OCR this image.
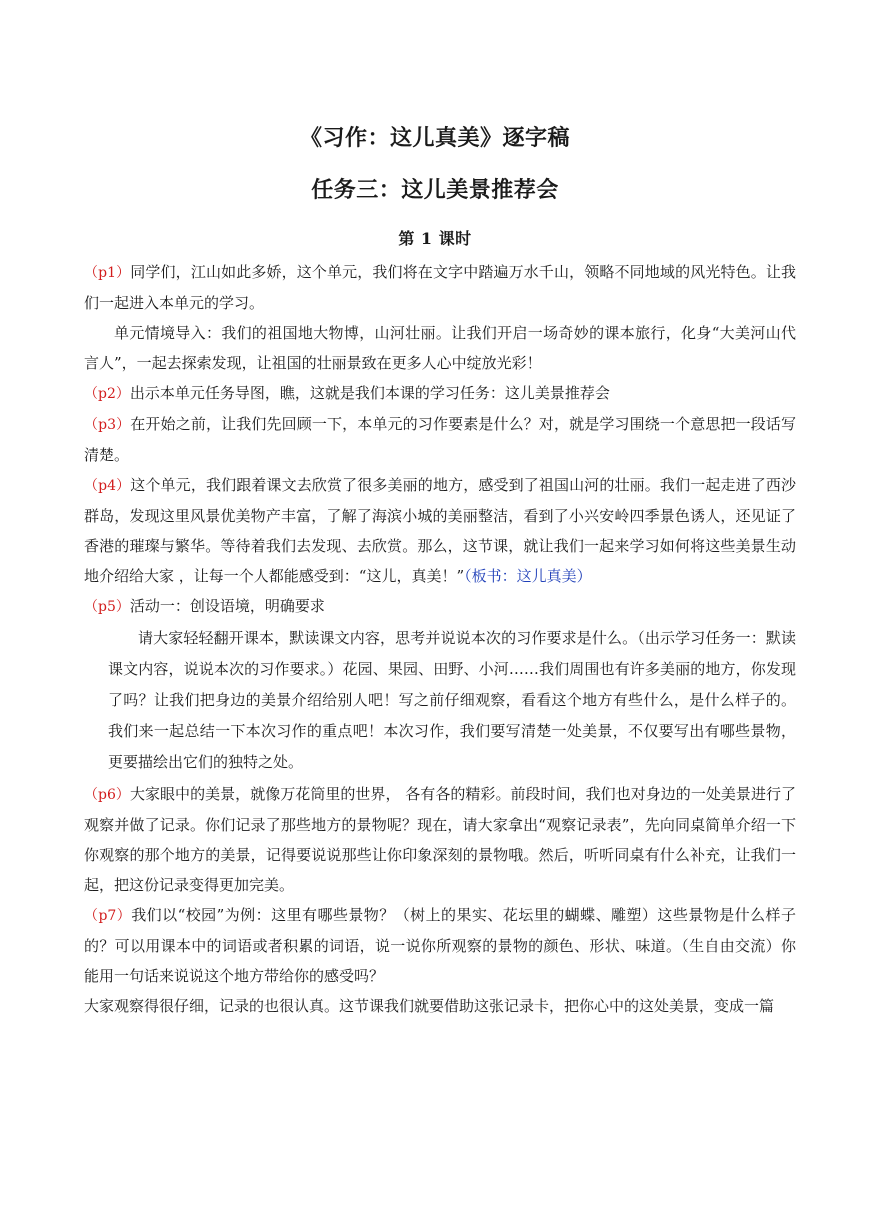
《习作：这儿真美》逐字稿
任务三：这儿美景推荐会
第 1 课时

（p1）同学们，江山如此多娇，这个单元，我们将在文字中踏遍万水千山，领略不同地域的风光特色。让我们一起进入本单元的学习。

单元情境导入：我们的祖国地大物博，山河壮丽。让我们开启一场奇妙的课本旅行，化身“大美河山代言人”，一起去探索发现，让祖国的壮丽景致在更多人心中绽放光彩！

（p2）出示本单元任务导图，瞧，这就是我们本课的学习任务：这儿美景推荐会

（p3）在开始之前，让我们先回顾一下，本单元的习作要素是什么？对，就是学习围绕一个意思把一段话写清楚。

（p4）这个单元，我们跟着课文去欣赏了很多美丽的地方，感受到了祖国山河的壮丽。我们一起走进了西沙群岛，发现这里风景优美物产丰富，了解了海滨小城的美丽整洁，看到了小兴安岭四季景色诱人，还见证了香港的璀璨与繁华。等待着我们去发现、去欣赏。那么，这节课，就让我们一起来学习如何将这些美景生动地介绍给大家 ，让每一个人都能感受到：“这儿，真美！”（板书：这儿真美）

（p5）活动一：创设语境，明确要求

请大家轻轻翻开课本，默读课文内容，思考并说说本次的习作要求是什么。（出示学习任务一：默读课文内容，说说本次的习作要求。）花园、果园、田野、小河……我们周围也有许多美丽的地方，你发现了吗？让我们把身边的美景介绍给别人吧！写之前仔细观察，看看这个地方有些什么，是什么样子的。我们来一起总结一下本次习作的重点吧！本次习作，我们要写清楚一处美景，不仅要写出有哪些景物，更要描绘出它们的独特之处。

（p6）大家眼中的美景，就像万花筒里的世界， 各有各的精彩。前段时间，我们也对身边的一处美景进行了观察并做了记录。你们记录了那些地方的景物呢？现在，请大家拿出“观察记录表”，先向同桌简单介绍一下你观察的那个地方的美景，记得要说说那些让你印象深刻的景物哦。然后，听听同桌有什么补充，让我们一起，把这份记录变得更加完美。

（p7）我们以“校园”为例：这里有哪些景物？（树上的果实、花坛里的蝴蝶、雕塑）这些景物是什么样子的？可以用课本中的词语或者积累的词语，说一说你所观察的景物的颜色、形状、味道。（生自由交流）你能用一句话来说说这个地方带给你的感受吗？

大家观察得很仔细，记录的也很认真。这节课我们就要借助这张记录卡，把你心中的这处美景，变成一篇
